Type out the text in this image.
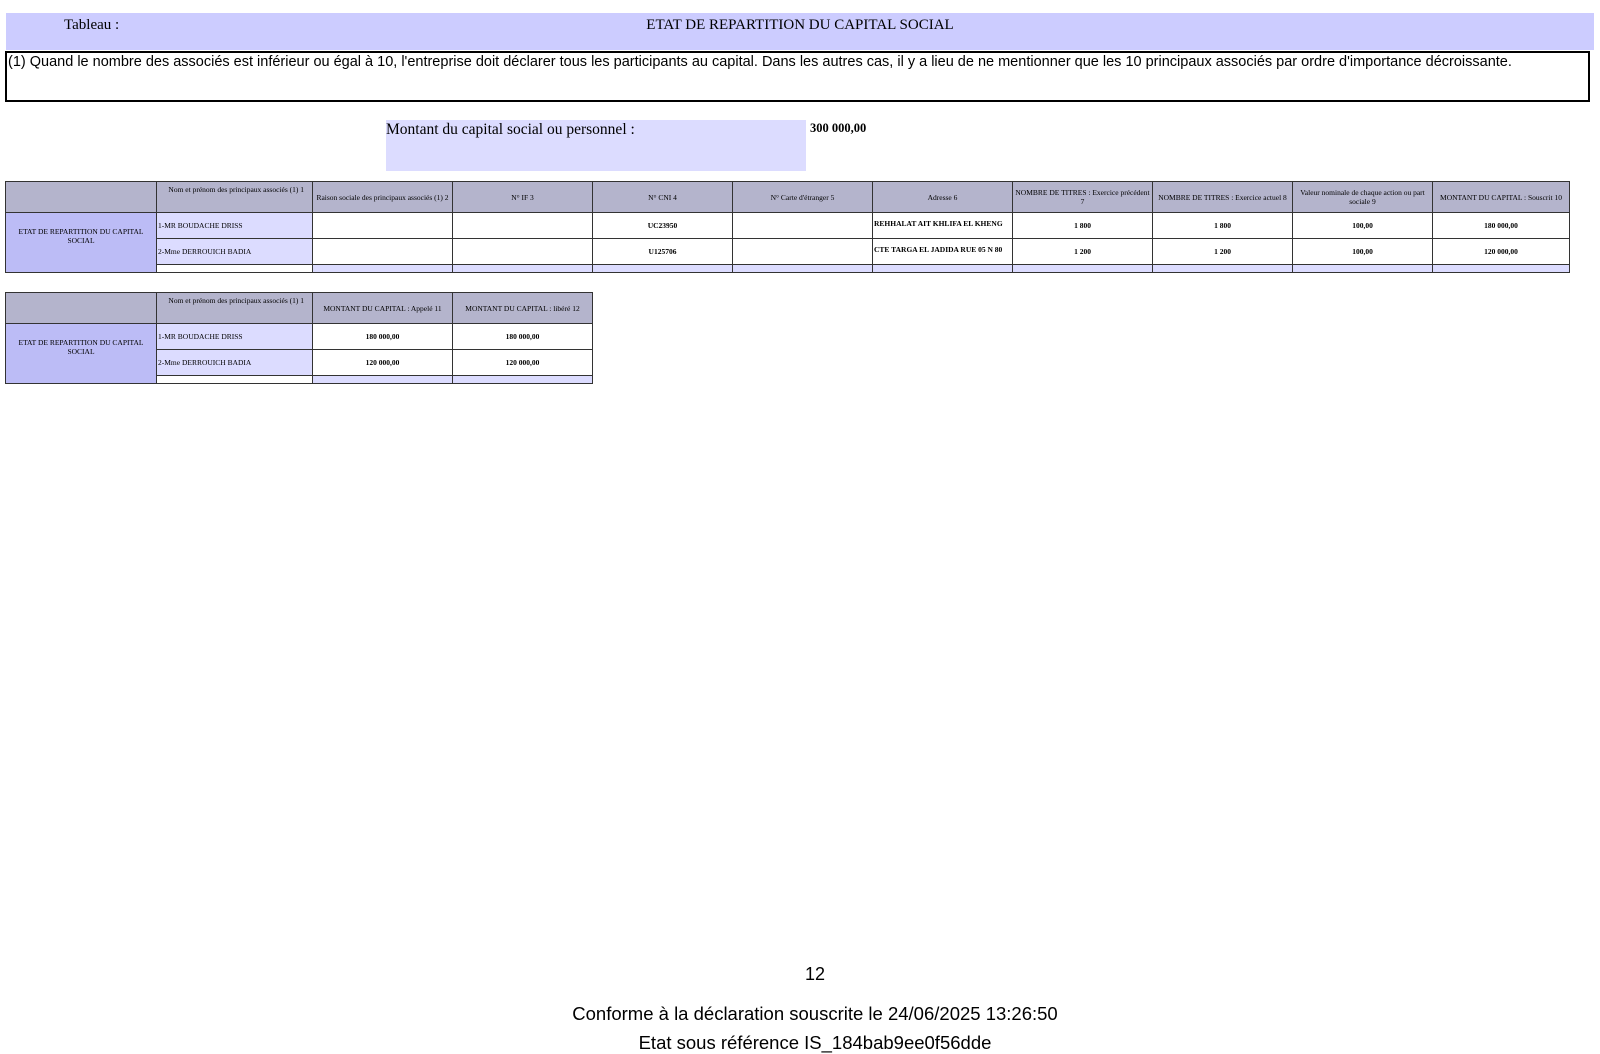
Tableau :	ETAT DE REPARTITION DU CAPITAL SOCIAL
(1) Quand le nombre des associés est inférieur ou égal à 10, l'entreprise doit déclarer tous les participants au capital. Dans les autres cas, il y a lieu de ne mentionner que les 10 principaux associés par ordre d'importance décroissante.
Montant du capital social ou personnel :	300 000,00
	Nom et prénom des principaux associés (1) 1	Raison sociale des principaux associés (1) 2	N° IF 3	N° CNI 4	N° Carte d'étranger 5	Adresse 6	NOMBRE DE TITRES : Exercice précédent 7	NOMBRE DE TITRES : Exercice actuel 8	Valeur nominale de chaque action ou part sociale 9	MONTANT DU CAPITAL : Souscrit 10
ETAT DE REPARTITION DU CAPITAL SOCIAL	1-MR BOUDACHE DRISS			UC23950		REHHALAT AIT KHLIFA EL KHENG	1 800	1 800	100,00	180 000,00
	2-Mme DERROUICH BADIA			U125706		CTE TARGA EL JADIDA RUE 05 N 80	1 200	1 200	100,00	120 000,00

	Nom et prénom des principaux associés (1) 1	MONTANT DU CAPITAL : Appelé 11	MONTANT DU CAPITAL : libéré 12
ETAT DE REPARTITION DU CAPITAL SOCIAL	1-MR BOUDACHE DRISS	180 000,00	180 000,00
	2-Mme DERROUICH BADIA	120 000,00	120 000,00

12
Conforme à la déclaration souscrite le 24/06/2025 13:26:50
Etat sous référence IS_184bab9ee0f56dde
